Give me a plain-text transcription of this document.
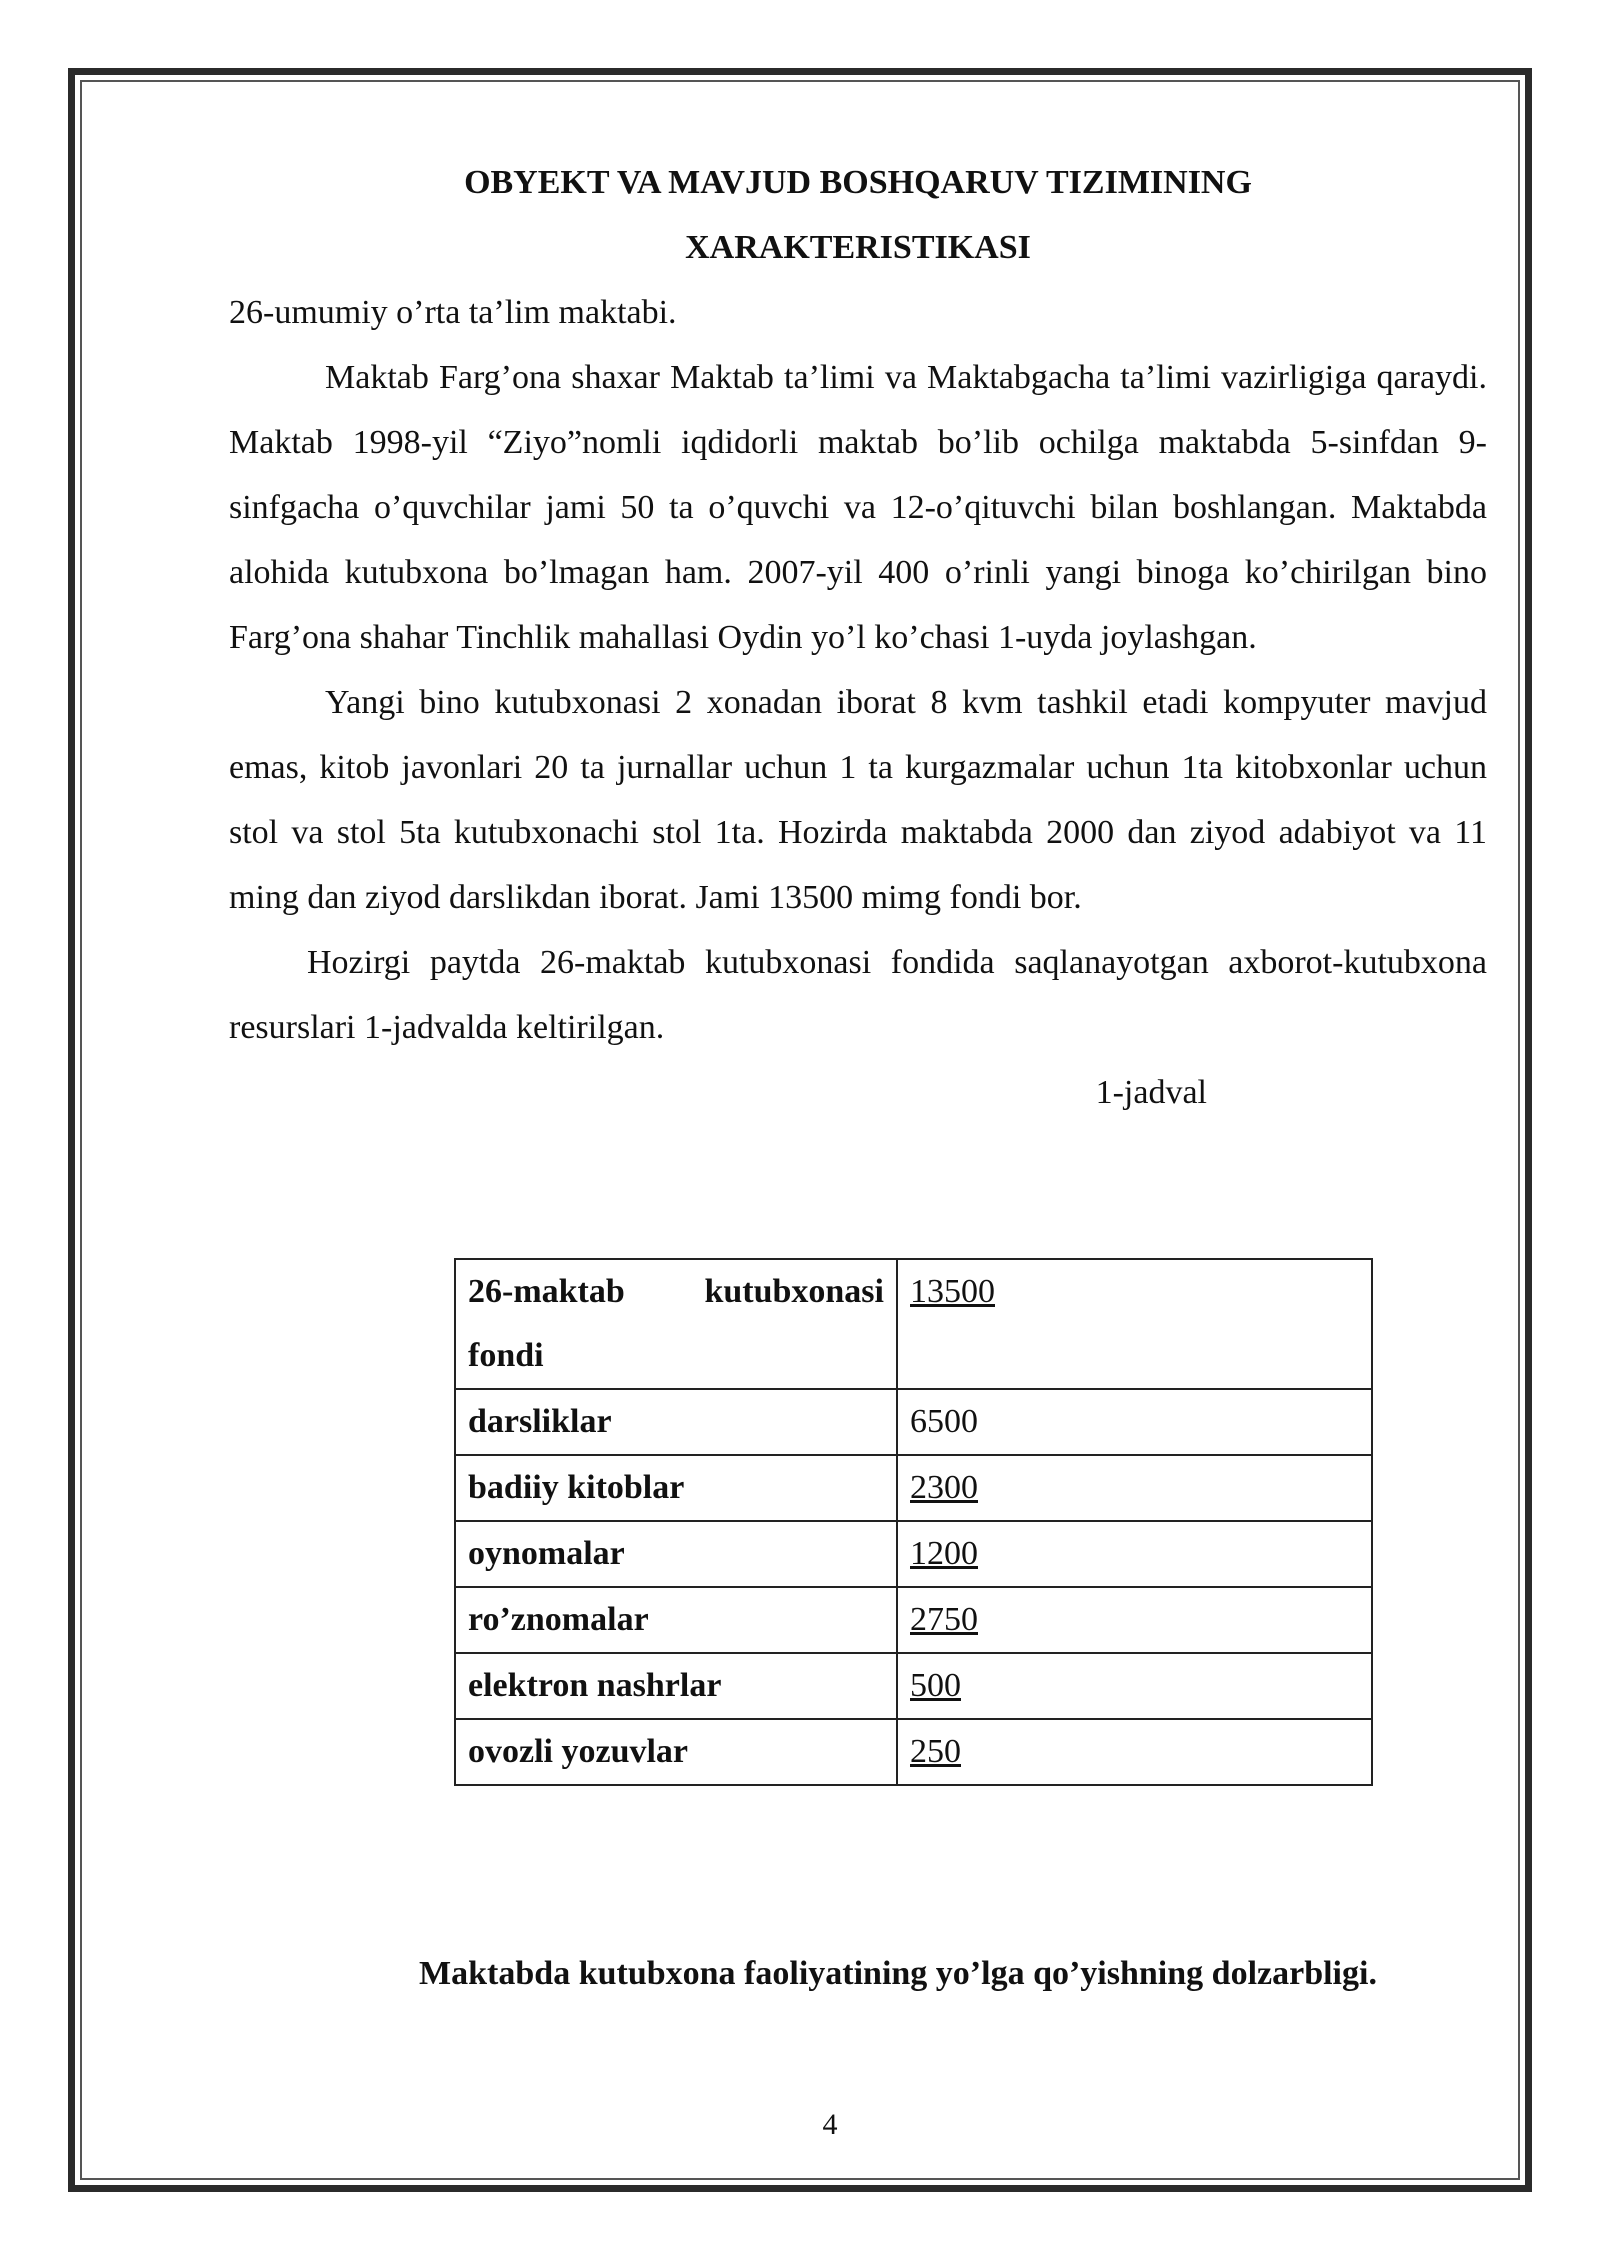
OBYEKT VA MAVJUD BOSHQARUV TIZIMINING
XARAKTERISTIKASI

26-umumiy o’rta ta’lim maktabi.

Maktab Farg’ona shaxar Maktab ta’limi va Maktabgacha ta’limi vazirligiga qaraydi. Maktab 1998-yil “Ziyo”nomli iqdidorli maktab bo’lib ochilga maktabda 5-sinfdan 9-sinfgacha o’quvchilar jami 50 ta o’quvchi va 12-o’qituvchi bilan boshlangan. Maktabda alohida kutubxona bo’lmagan ham. 2007-yil 400 o’rinli yangi binoga ko’chirilgan bino Farg’ona shahar Tinchlik mahallasi Oydin yo’l ko’chasi 1-uyda joylashgan.

Yangi bino kutubxonasi 2 xonadan iborat 8 kvm tashkil etadi kompyuter mavjud emas, kitob javonlari 20 ta jurnallar uchun 1 ta kurgazmalar uchun 1ta kitobxonlar uchun stol va stol 5ta kutubxonachi stol 1ta. Hozirda maktabda 2000 dan ziyod adabiyot va 11 ming dan ziyod darslikdan iborat. Jami 13500 mimg fondi bor.

Hozirgi paytda 26-maktab kutubxonasi fondida saqlanayotgan axborot-kutubxona resurslari 1-jadvalda keltirilgan.

1-jadval

26-maktab kutubxonasi fondi	13500
darsliklar	6500
badiiy kitoblar	2300
oynomalar	1200
ro’znomalar	2750
elektron nashrlar	500
ovozli yozuvlar	250

Maktabda kutubxona faoliyatining yo’lga qo’yishning dolzarbligi.

4
